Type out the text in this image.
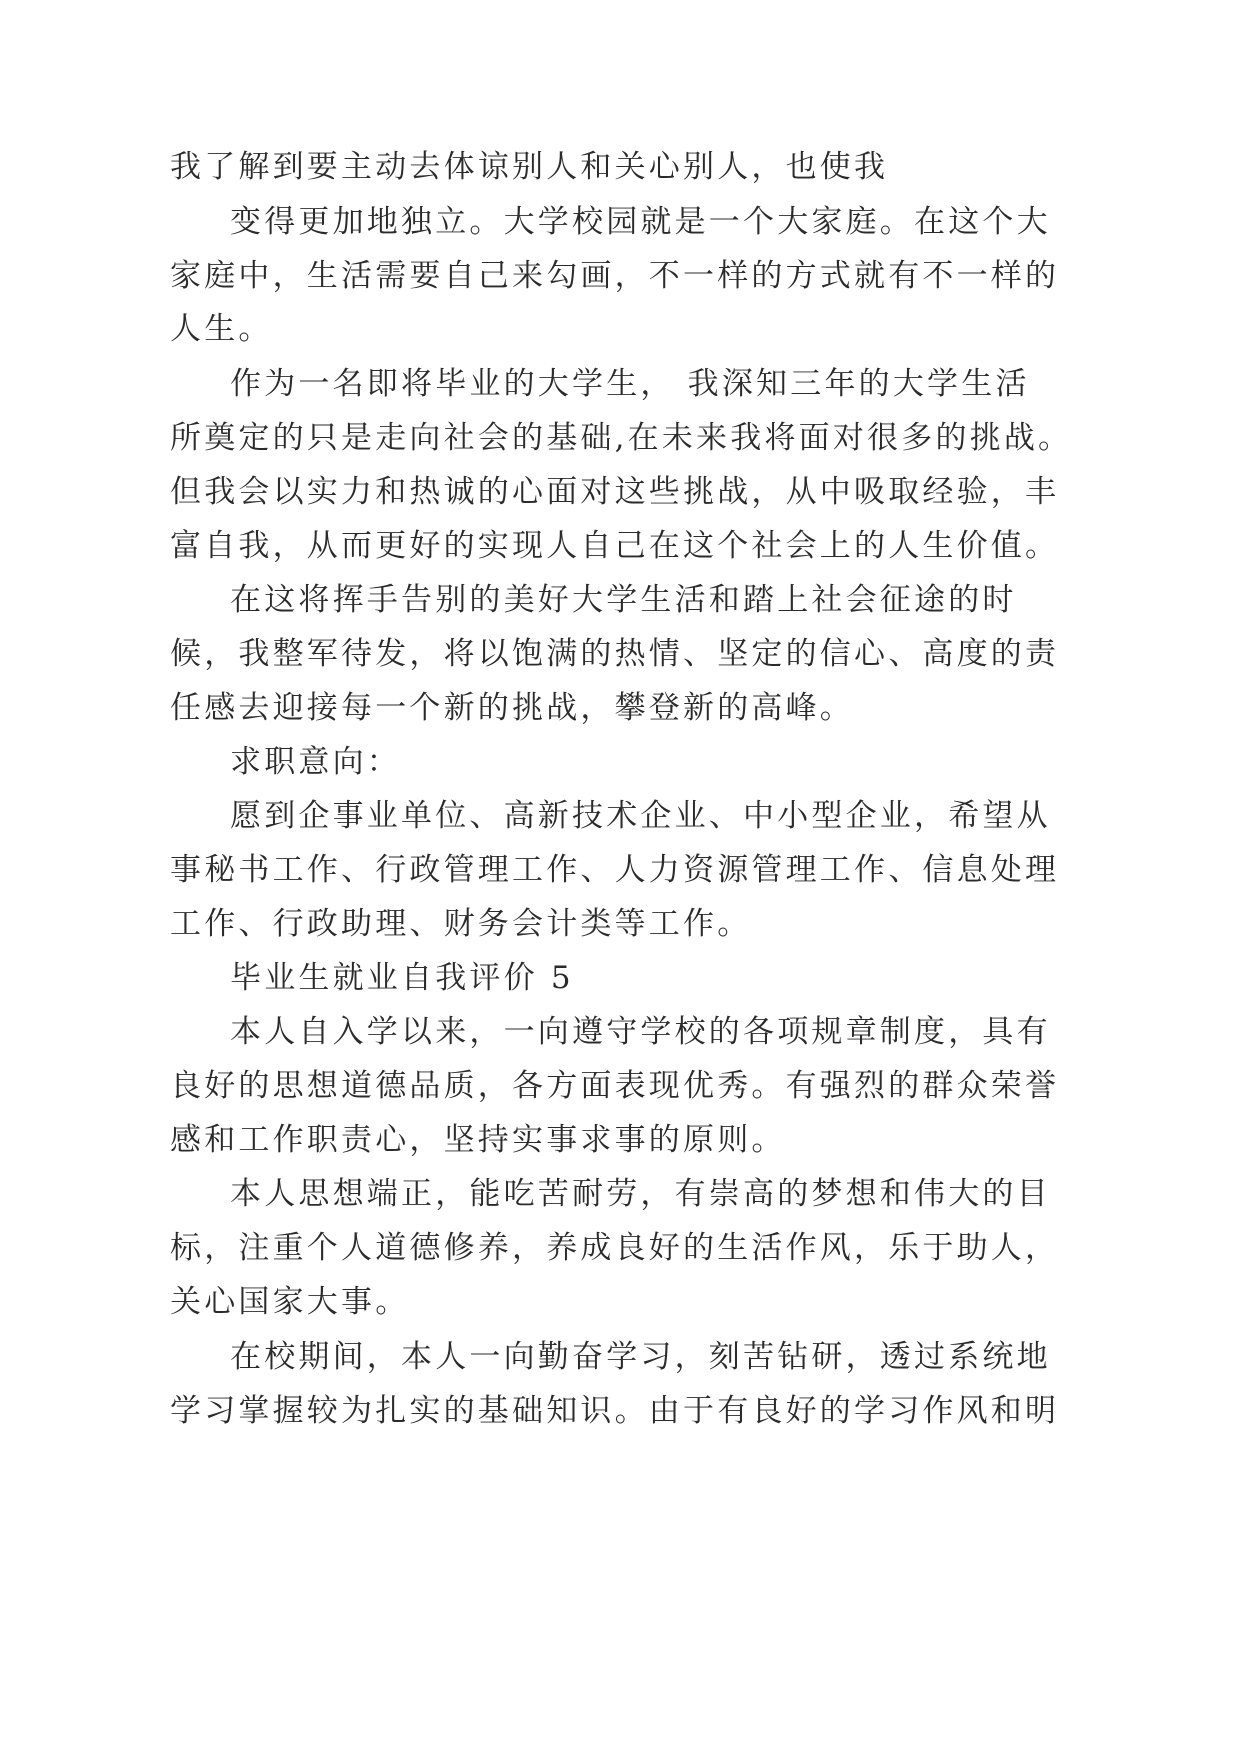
我了解到要主动去体谅别人和关心别人，也使我
变得更加地独立。大学校园就是一个大家庭。在这个大
家庭中，生活需要自己来勾画，不一样的方式就有不一样的
人生。
作为一名即将毕业的大学生， 我深知三年的大学生活
所奠定的只是走向社会的基础,在未来我将面对很多的挑战。
但我会以实力和热诚的心面对这些挑战，从中吸取经验，丰
富自我，从而更好的实现人自己在这个社会上的人生价值。
在这将挥手告别的美好大学生活和踏上社会征途的时
候，我整军待发，将以饱满的热情、坚定的信心、高度的责
任感去迎接每一个新的挑战，攀登新的高峰。
求职意向：
愿到企事业单位、高新技术企业、中小型企业，希望从
事秘书工作、行政管理工作、人力资源管理工作、信息处理
工作、行政助理、财务会计类等工作。
毕业生就业自我评价 5
本人自入学以来，一向遵守学校的各项规章制度，具有
良好的思想道德品质，各方面表现优秀。有强烈的群众荣誉
感和工作职责心，坚持实事求事的原则。
本人思想端正，能吃苦耐劳，有崇高的梦想和伟大的目
标，注重个人道德修养，养成良好的生活作风，乐于助人，
关心国家大事。
在校期间，本人一向勤奋学习，刻苦钻研，透过系统地
学习掌握较为扎实的基础知识。由于有良好的学习作风和明
